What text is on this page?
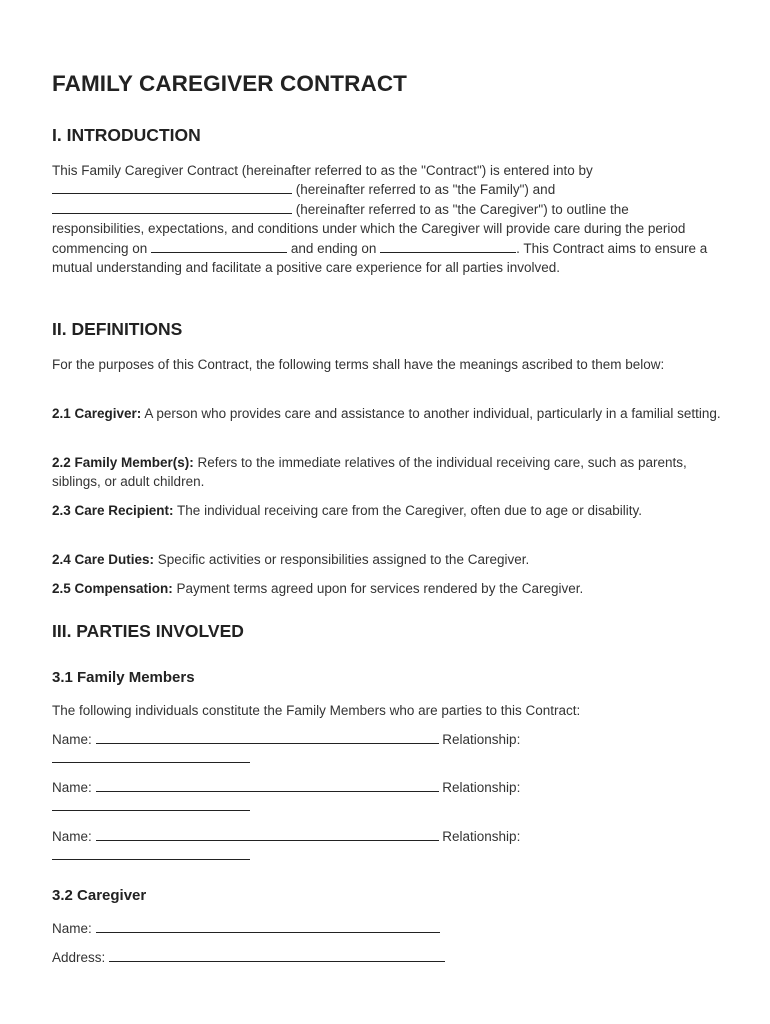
FAMILY CAREGIVER CONTRACT
I. INTRODUCTION

This Family Caregiver Contract (hereinafter referred to as the "Contract") is entered into by
(hereinafter referred to as "the Family") and
(hereinafter referred to as "the Caregiver") to outline the responsibilities, expectations, and conditions under which the Caregiver will provide care during the period commencing on	and ending on	. This Contract aims to ensure a mutual understanding and facilitate a positive care experience for all parties involved.

II. DEFINITIONS

For the purposes of this Contract, the following terms shall have the meanings ascribed to them below:

2.1 Caregiver: A person who provides care and assistance to another individual, particularly in a familial setting.

2.2 Family Member(s): Refers to the immediate relatives of the individual receiving care, such as parents, siblings, or adult children.

2.3 Care Recipient: The individual receiving care from the Caregiver, often due to age or disability.

2.4 Care Duties: Specific activities or responsibilities assigned to the Caregiver.

2.5 Compensation: Payment terms agreed upon for services rendered by the Caregiver.

III. PARTIES INVOLVED
3.1 Family Members

The following individuals constitute the Family Members who are parties to this Contract:

Name:	Relationship:

Name:	Relationship:

Name:	Relationship:

3.2 Caregiver

Name:

Address:
